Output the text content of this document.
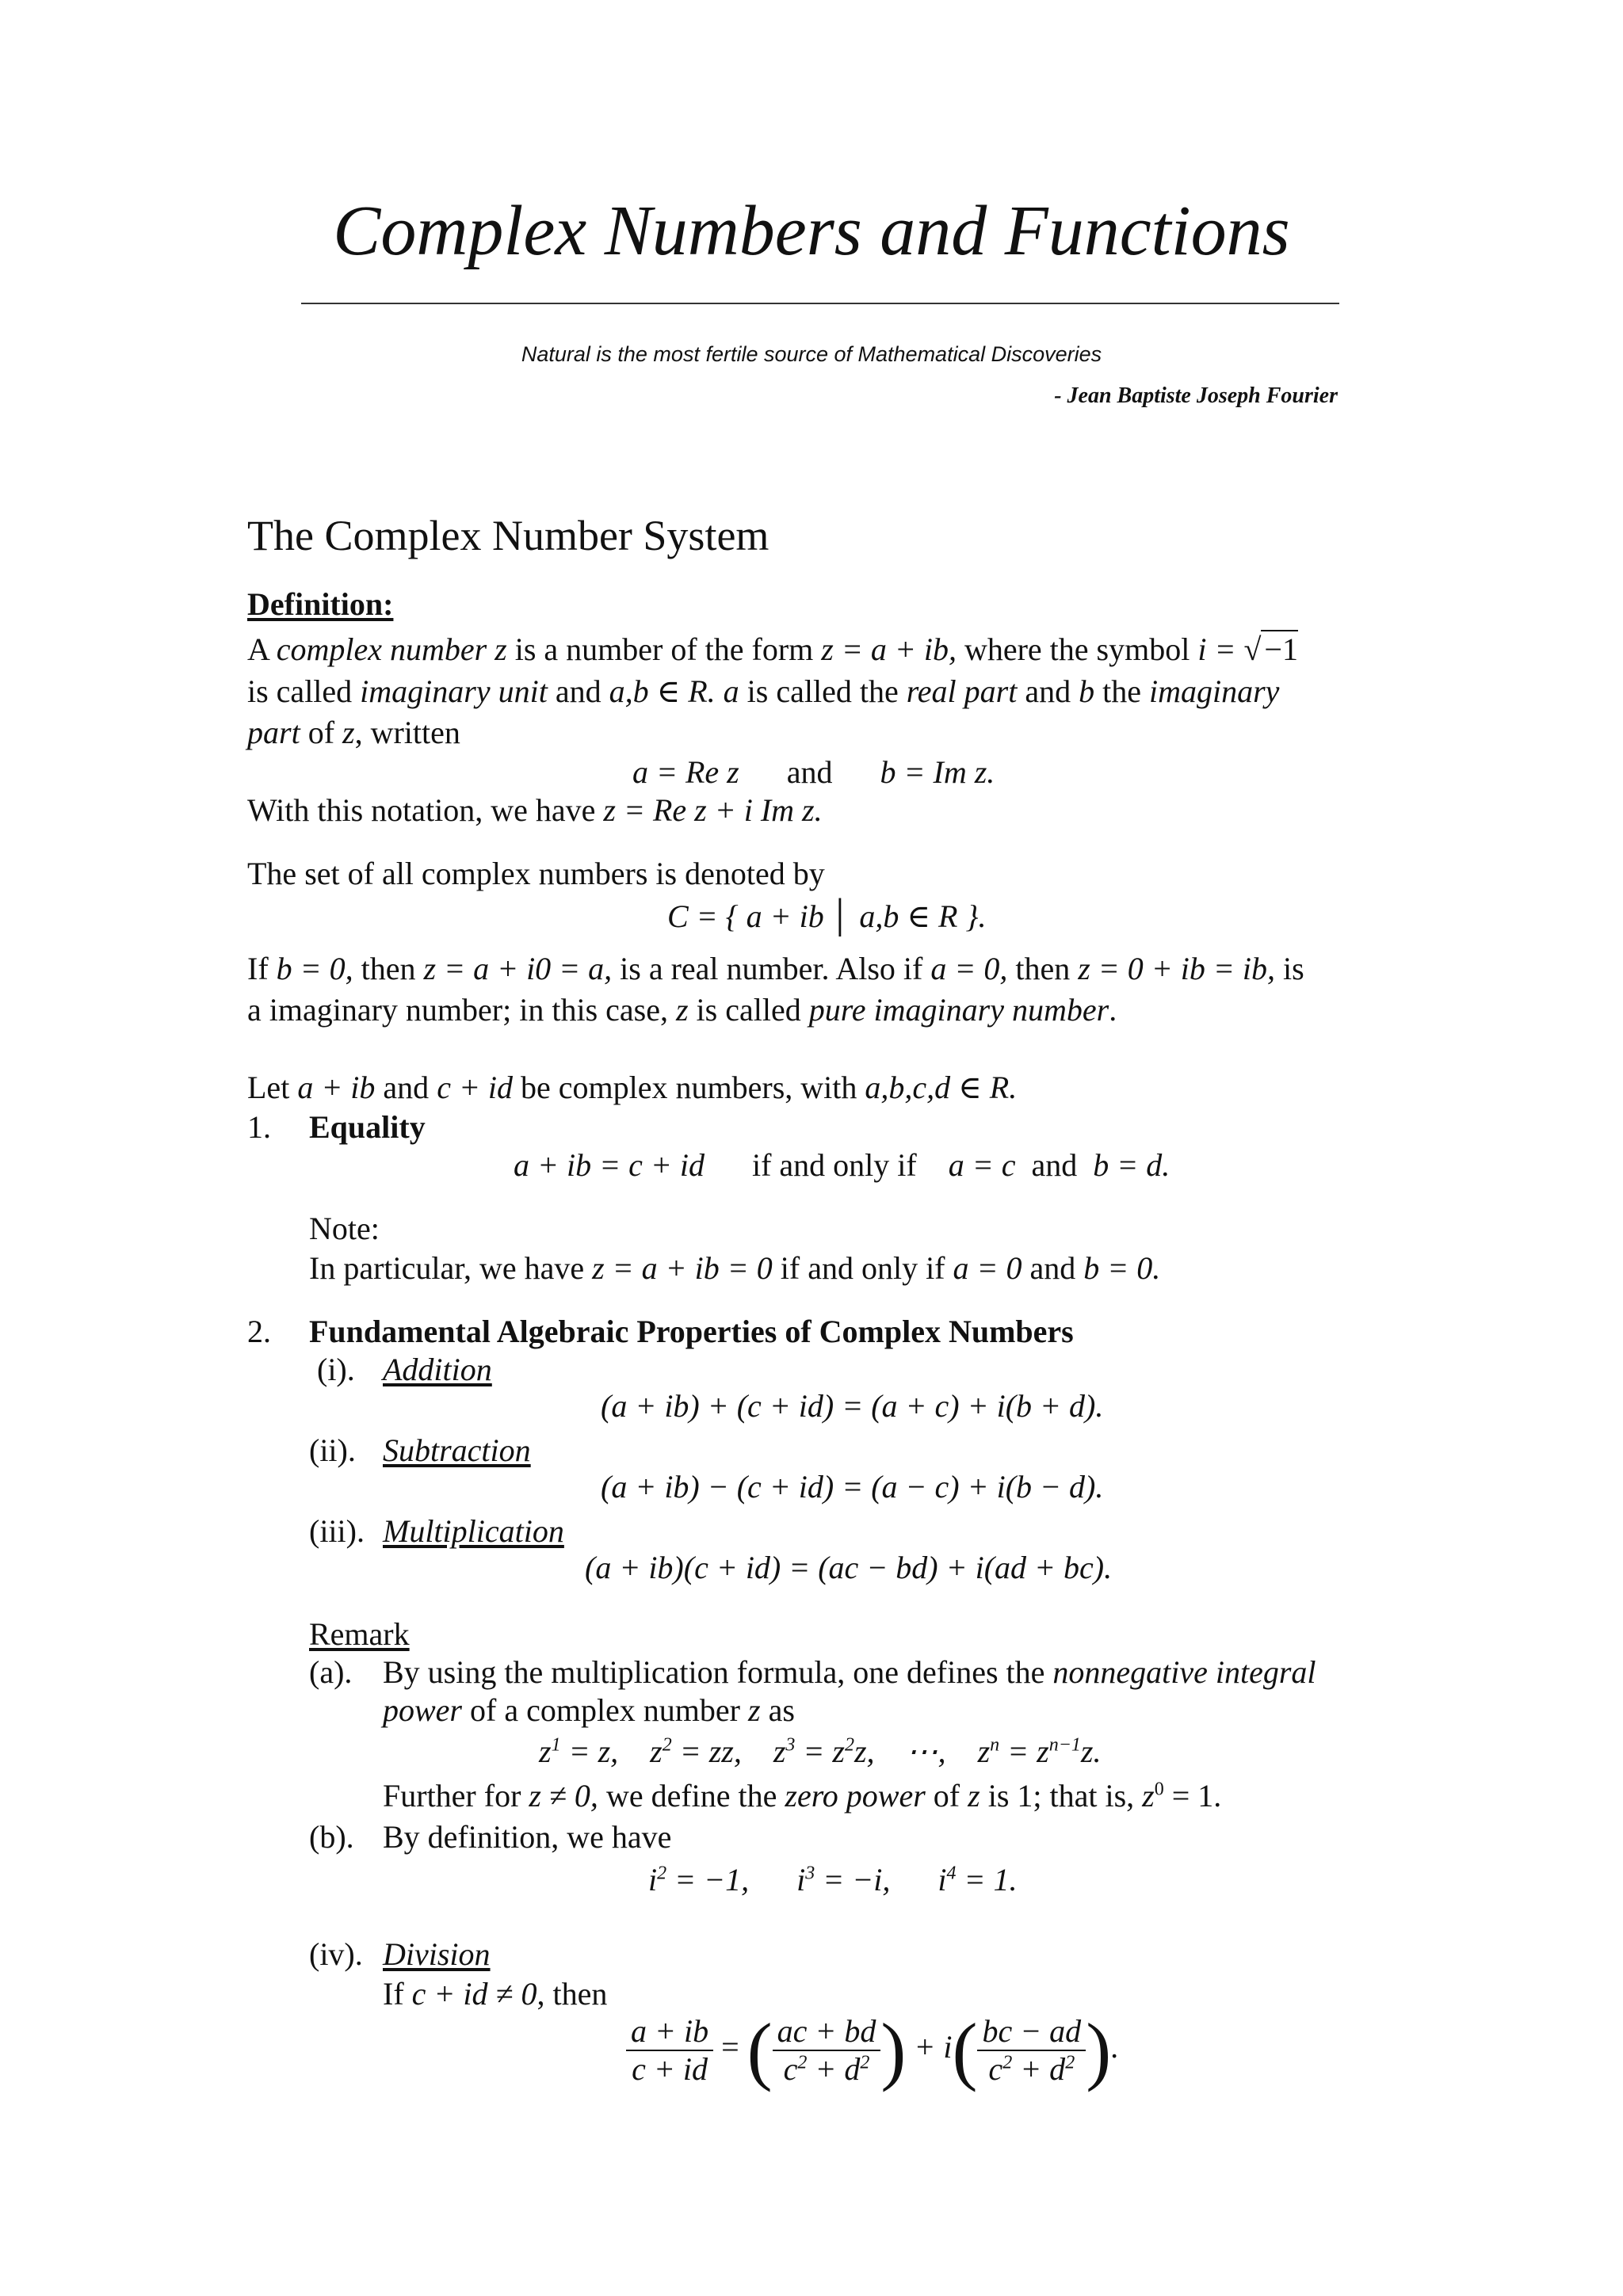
Complex Numbers and Functions
Natural is the most fertile source of Mathematical Discoveries
- Jean Baptiste Joseph Fourier
The Complex Number System
Definition:
A complex number z is a number of the form z = a + ib, where the symbol i = √ −1
is called imaginary unit and a,b ∈ R. a is called the real part and b the imaginary
part of z, written
a = Re z and b = Im z.
With this notation, we have z = Re z + i Im z.
The set of all complex numbers is denoted by
C = { a + ib │ a,b ∈ R }.
If b = 0, then z = a + i0 = a, is a real number. Also if a = 0, then z = 0 + ib = ib, is
a imaginary number; in this case, z is called pure imaginary number.
Let a + ib and c + id be complex numbers, with a,b,c,d ∈ R.
1. Equality
a + ib = c + id if and only if a = c and b = d.
Note:
In particular, we have z = a + ib = 0 if and only if a = 0 and b = 0.
2. Fundamental Algebraic Properties of Complex Numbers
(i). Addition
(a + ib) + (c + id) = (a + c) + i(b + d).
(ii). Subtraction
(a + ib) − (c + id) = (a − c) + i(b − d).
(iii). Multiplication
(a + ib)(c + id) = (ac − bd) + i(ad + bc).
Remark
(a). By using the multiplication formula, one defines the nonnegative integral
power of a complex number z as
$z^1 = z$,    $z^2$ = zz,    $z^3 = z^2z$,    ⋯,    $z^n = z^{n-1}z$.
Further for z ≠ 0, we define the zero power of z is 1; that is, $z^0 = 1$.
(b). By definition, we have
$i^2 = -1$,      $i^3 = -i$,      $i^4 = 1$.
(iv). Division
If c + id ≠ 0, then
$\frac{a + ib}{c + id}$ = ( $\frac{ac + bd}{c^2 + d^2}$ ) + $i( \frac{bc - ad}{c^2 + d^2}$ ).
